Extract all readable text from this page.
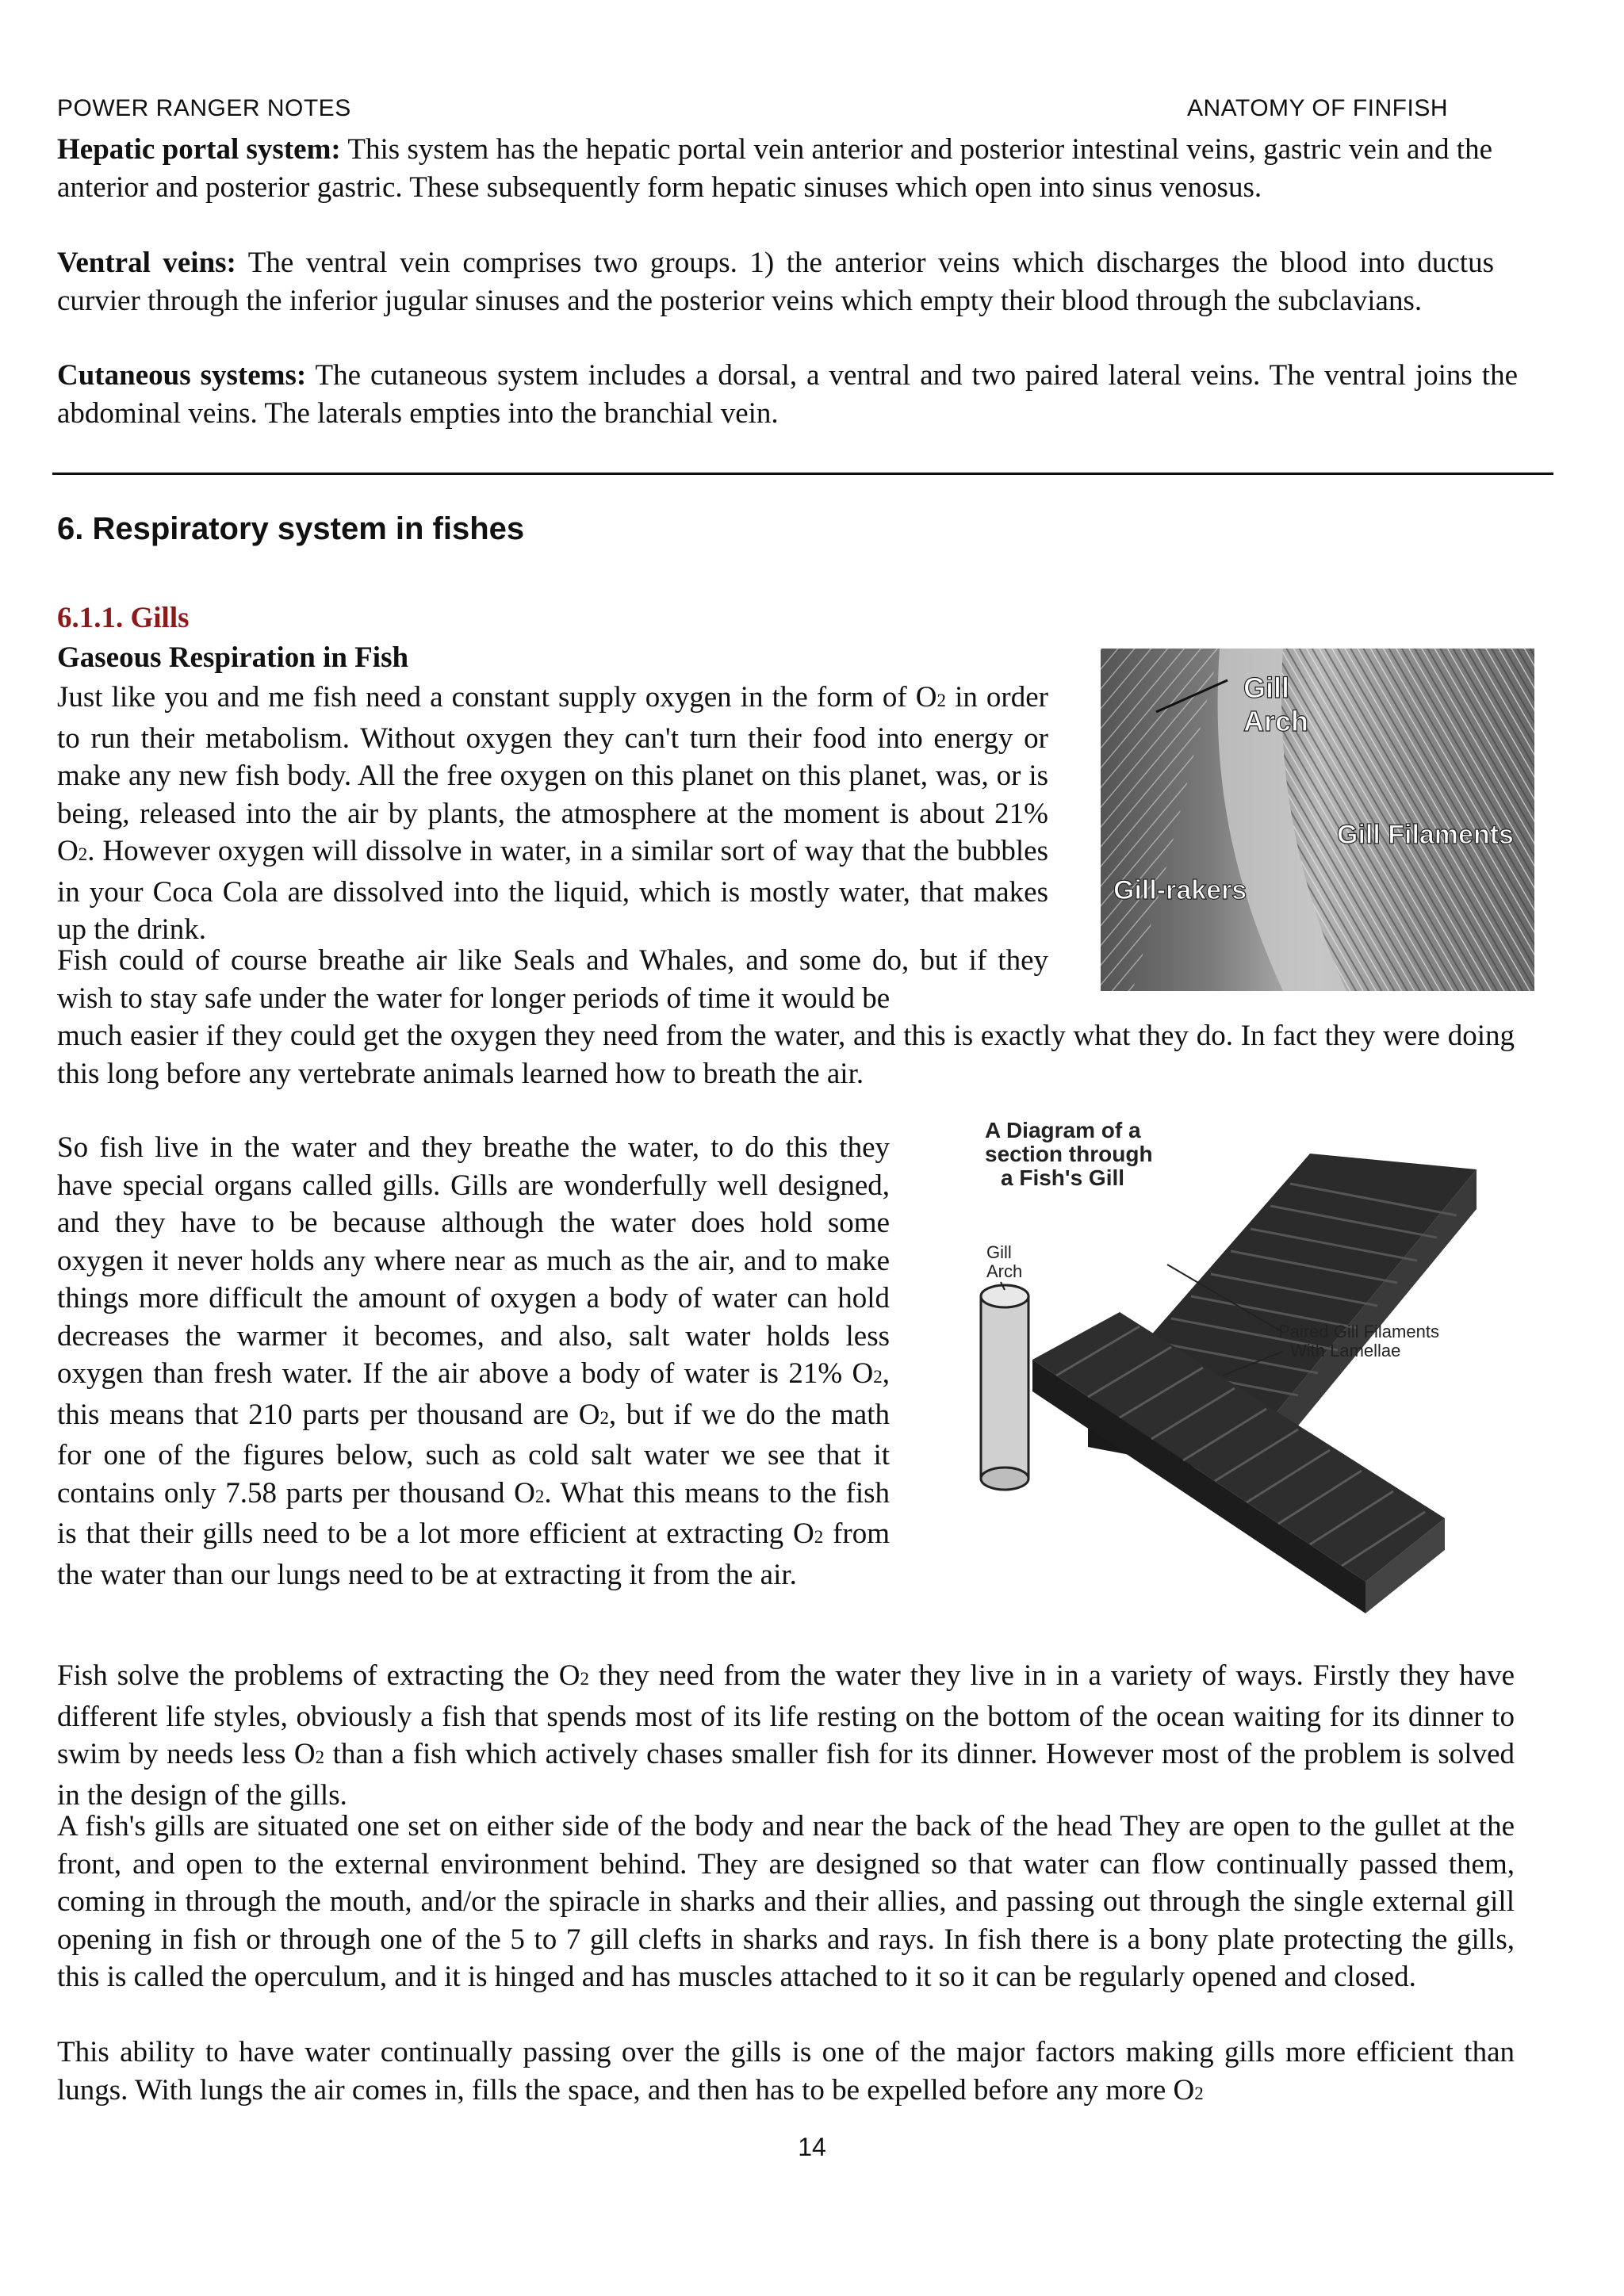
POWER RANGER NOTES	ANATOMY OF FINFISH

Hepatic portal system: This system has the hepatic portal vein anterior and posterior intestinal veins, gastric vein and the anterior and posterior gastric. These subsequently form hepatic sinuses which open into sinus venosus.

Ventral veins: The ventral vein comprises two groups. 1) the anterior veins which discharges the blood into ductus curvier through the inferior jugular sinuses and the posterior veins which empty their blood through the subclavians.

Cutaneous systems: The cutaneous system includes a dorsal, a ventral and two paired lateral veins. The ventral joins the abdominal veins. The laterals empties into the branchial vein.

6. Respiratory system in fishes

6.1.1. Gills

Gaseous Respiration in Fish

Just like you and me fish need a constant supply oxygen in the form of O2 in order to run their metabolism. Without oxygen they can't turn their food into energy or make any new fish body. All the free oxygen on this planet on this planet, was, or is being, released into the air by plants, the atmosphere at the moment is about 21% O2. However oxygen will dissolve in water, in a similar sort of way that the bubbles in your Coca Cola are dissolved into the liquid, which is mostly water, that makes up the drink.

Fish could of course breathe air like Seals and Whales, and some do, but if they wish to stay safe under the water for longer periods of time it would be

much easier if they could get the oxygen they need from the water, and this is exactly what they do. In fact they were doing this long before any vertebrate animals learned how to breath the air.

So fish live in the water and they breathe the water, to do this they have special organs called gills. Gills are wonderfully well designed, and they have to be because although the water does hold some oxygen it never holds any where near as much as the air, and to make things more difficult the amount of oxygen a body of water can hold decreases the warmer it becomes, and also, salt water holds less oxygen than fresh water. If the air above a body of water is 21% O2, this means that 210 parts per thousand are O2, but if we do the math for one of the figures below, such as cold salt water we see that it contains only 7.58 parts per thousand O2. What this means to the fish is that their gills need to be a lot more efficient at extracting O2 from the water than our lungs need to be at extracting it from the air.

Fish solve the problems of extracting the O2 they need from the water they live in in a variety of ways. Firstly they have different life styles, obviously a fish that spends most of its life resting on the bottom of the ocean waiting for its dinner to swim by needs less O2 than a fish which actively chases smaller fish for its dinner. However most of the problem is solved in the design of the gills.

A fish's gills are situated one set on either side of the body and near the back of the head They are open to the gullet at the front, and open to the external environment behind. They are designed so that water can flow continually passed them, coming in through the mouth, and/or the spiracle in sharks and their allies, and passing out through the single external gill opening in fish or through one of the 5 to 7 gill clefts in sharks and rays. In fish there is a bony plate protecting the gills, this is called the operculum, and it is hinged and has muscles attached to it so it can be regularly opened and closed.

This ability to have water continually passing over the gills is one of the major factors making gills more efficient than lungs. With lungs the air comes in, fills the space, and then has to be expelled before any more O2

Gill
Arch
Gill Filaments
Gill-rakers
A Diagram of a
section through
a Fish's Gill
Gill
Arch
Paired Gill Filaments
With Lamellae
14
